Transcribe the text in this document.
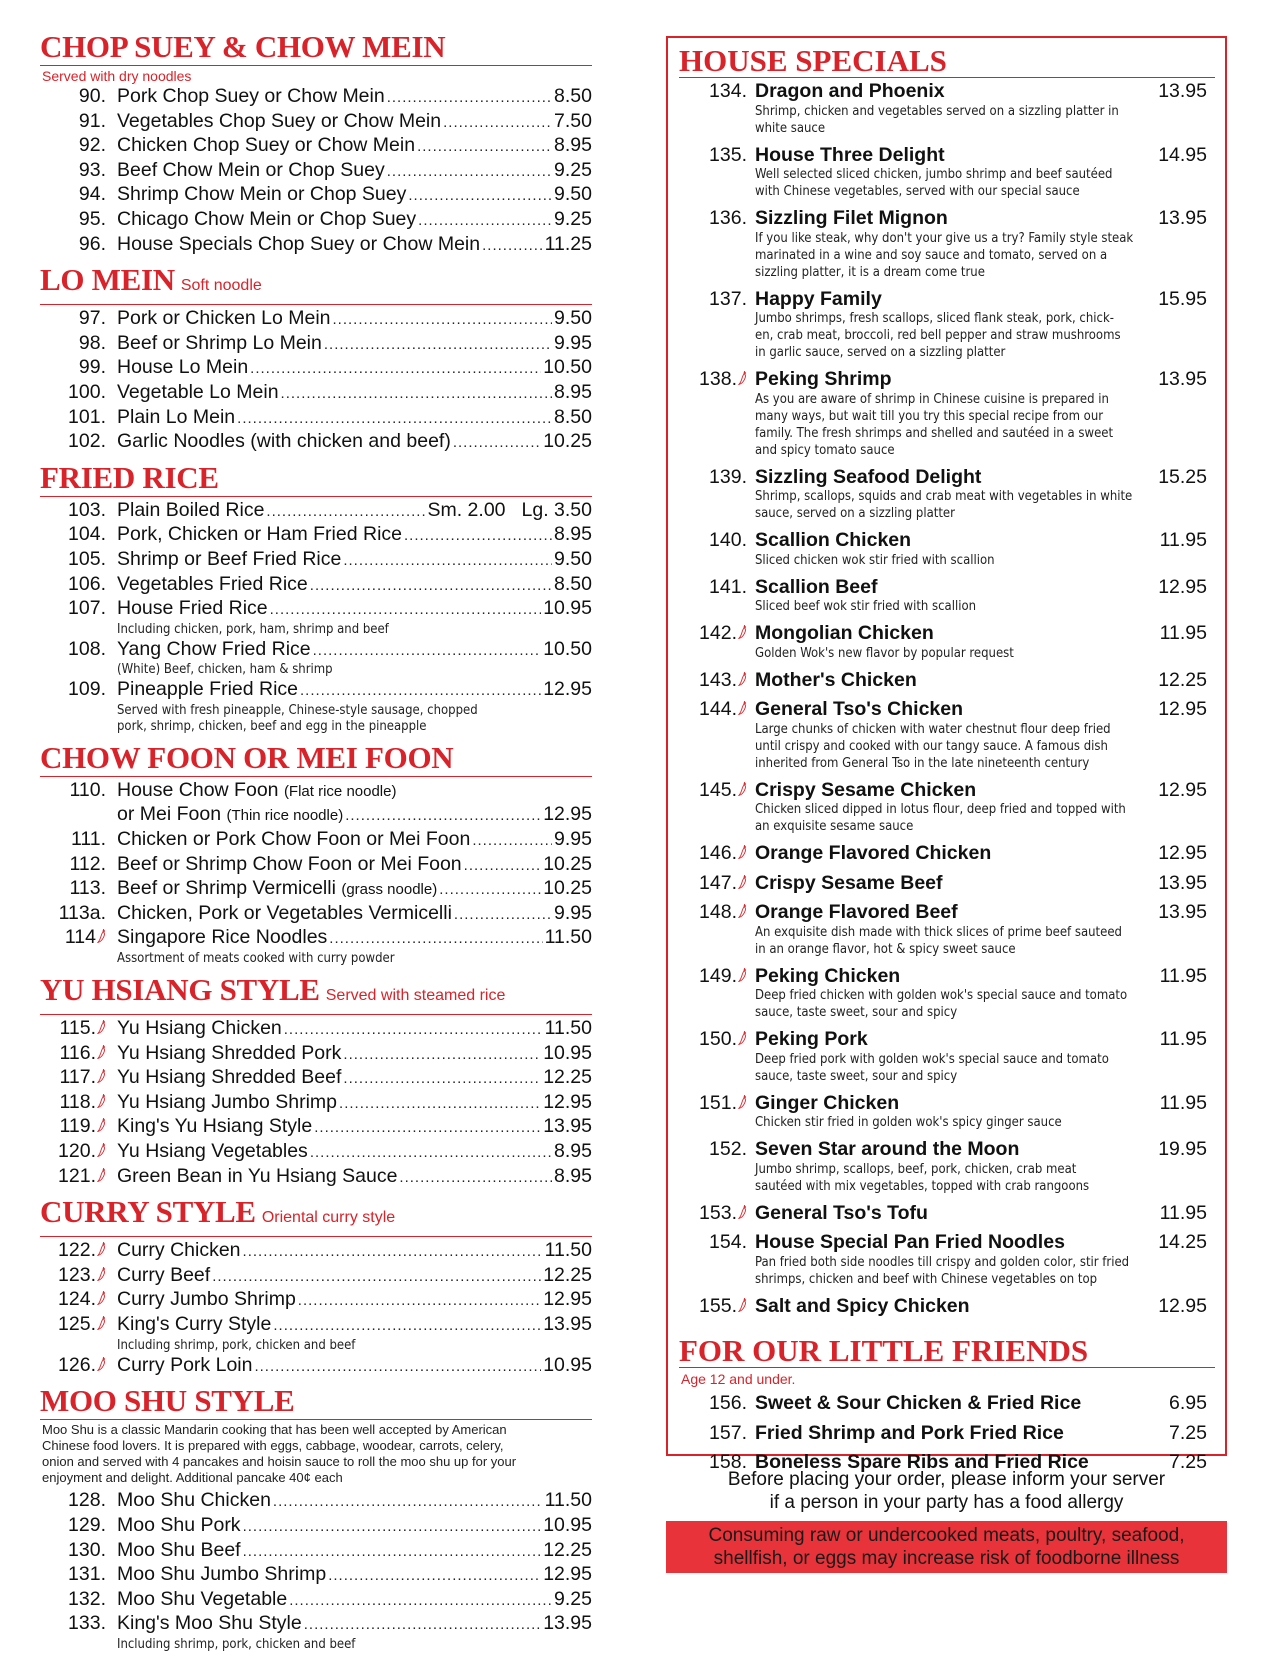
CHOP SUEY & CHOW MEIN
Served with dry noodles
90. Pork Chop Suey or Chow Mein .....	8.50
91. Vegetables Chop Suey or Chow Mein .....	7.50
92. Chicken Chop Suey or Chow Mein .....	8.95
93. Beef Chow Mein or Chop Suey .....	9.25
94. Shrimp Chow Mein or Chop Suey .....	9.50
95. Chicago Chow Mein or Chop Suey .....	9.25
96. House Specials Chop Suey or Chow Mein .....	11.25
LO MEIN Soft noodle
97. Pork or Chicken Lo Mein .....	9.50
98. Beef or Shrimp Lo Mein .....	9.95
99. House Lo Mein .....	10.50
100. Vegetable Lo Mein .....	8.95
101. Plain Lo Mein .....	8.50
102. Garlic Noodles (with chicken and beef) .....	10.25
FRIED RICE
103. Plain Boiled Rice .....	Sm. 2.00 Lg. 3.50
104. Pork, Chicken or Ham Fried Rice .....	8.95
105. Shrimp or Beef Fried Rice .....	9.50
106. Vegetables Fried Rice .....	8.50
107. House Fried Rice .....	10.95
Including chicken, pork, ham, shrimp and beef
108. Yang Chow Fried Rice .....	10.50
(White) Beef, chicken, ham & shrimp
109. Pineapple Fried Rice .....	12.95
Served with fresh pineapple, Chinese-style sausage, chopped
pork, shrimp, chicken, beef and egg in the pineapple
CHOW FOON OR MEI FOON
110. House Chow Foon (Flat rice noodle)
or Mei Foon (Thin rice noodle) .....	12.95
111. Chicken or Pork Chow Foon or Mei Foon .....	9.95
112. Beef or Shrimp Chow Foon or Mei Foon .....	10.25
113. Beef or Shrimp Vermicelli (grass noodle) .....	10.25
113a. Chicken, Pork or Vegetables Vermicelli .....	9.95
114 Singapore Rice Noodles .....	11.50
Assortment of meats cooked with curry powder
YU HSIANG STYLE Served with steamed rice
115. Yu Hsiang Chicken .....	11.50
116. Yu Hsiang Shredded Pork .....	10.95
117. Yu Hsiang Shredded Beef .....	12.25
118. Yu Hsiang Jumbo Shrimp .....	12.95
119. King's Yu Hsiang Style .....	13.95
120. Yu Hsiang Vegetables .....	8.95
121. Green Bean in Yu Hsiang Sauce .....	8.95
CURRY STYLE Oriental curry style
122. Curry Chicken .....	11.50
123. Curry Beef .....	12.25
124. Curry Jumbo Shrimp .....	12.95
125. King's Curry Style .....	13.95
Including shrimp, pork, chicken and beef
126. Curry Pork Loin .....	10.95
MOO SHU STYLE
Moo Shu is a classic Mandarin cooking that has been well accepted by American
Chinese food lovers. It is prepared with eggs, cabbage, woodear, carrots, celery,
onion and served with 4 pancakes and hoisin sauce to roll the moo shu up for your
enjoyment and delight. Additional pancake 40¢ each
128. Moo Shu Chicken .....	11.50
129. Moo Shu Pork .....	10.95
130. Moo Shu Beef .....	12.25
131. Moo Shu Jumbo Shrimp .....	12.95
132. Moo Shu Vegetable .....	9.25
133. King's Moo Shu Style .....	13.95
Including shrimp, pork, chicken and beef
HOUSE SPECIALS
134. Dragon and Phoenix	13.95
Shrimp, chicken and vegetables served on a sizzling platter in
white sauce
135. House Three Delight	14.95
Well selected sliced chicken, jumbo shrimp and beef sautéed
with Chinese vegetables, served with our special sauce
136. Sizzling Filet Mignon	13.95
If you like steak, why don't your give us a try? Family style steak
marinated in a wine and soy sauce and tomato, served on a
sizzling platter, it is a dream come true
137. Happy Family	15.95
Jumbo shrimps, fresh scallops, sliced flank steak, pork, chick-
en, crab meat, broccoli, red bell pepper and straw mushrooms
in garlic sauce, served on a sizzling platter
138. Peking Shrimp	13.95
As you are aware of shrimp in Chinese cuisine is prepared in
many ways, but wait till you try this special recipe from our
family. The fresh shrimps and shelled and sautéed in a sweet
and spicy tomato sauce
139. Sizzling Seafood Delight	15.25
Shrimp, scallops, squids and crab meat with vegetables in white
sauce, served on a sizzling platter
140. Scallion Chicken	11.95
Sliced chicken wok stir fried with scallion
141. Scallion Beef	12.95
Sliced beef wok stir fried with scallion
142. Mongolian Chicken	11.95
Golden Wok's new flavor by popular request
143. Mother's Chicken	12.25
144. General Tso's Chicken	12.95
Large chunks of chicken with water chestnut flour deep fried
until crispy and cooked with our tangy sauce. A famous dish
inherited from General Tso in the late nineteenth century
145. Crispy Sesame Chicken	12.95
Chicken sliced dipped in lotus flour, deep fried and topped with
an exquisite sesame sauce
146. Orange Flavored Chicken	12.95
147. Crispy Sesame Beef	13.95
148. Orange Flavored Beef	13.95
An exquisite dish made with thick slices of prime beef sauteed
in an orange flavor, hot & spicy sweet sauce
149. Peking Chicken	11.95
Deep fried chicken with golden wok's special sauce and tomato
sauce, taste sweet, sour and spicy
150. Peking Pork	11.95
Deep fried pork with golden wok's special sauce and tomato
sauce, taste sweet, sour and spicy
151. Ginger Chicken	11.95
Chicken stir fried in golden wok's spicy ginger sauce
152. Seven Star around the Moon	19.95
Jumbo shrimp, scallops, beef, pork, chicken, crab meat
sautéed with mix vegetables, topped with crab rangoons
153. General Tso's Tofu	11.95
154. House Special Pan Fried Noodles	14.25
Pan fried both side noodles till crispy and golden color, stir fried
shrimps, chicken and beef with Chinese vegetables on top
155. Salt and Spicy Chicken	12.95
FOR OUR LITTLE FRIENDS
Age 12 and under.
156. Sweet & Sour Chicken & Fried Rice	6.95
157. Fried Shrimp and Pork Fried Rice	7.25
158. Boneless Spare Ribs and Fried Rice	7.25
Before placing your order, please inform your server
if a person in your party has a food allergy
Consuming raw or undercooked meats, poultry, seafood,
shellfish, or eggs may increase risk of foodborne illness
